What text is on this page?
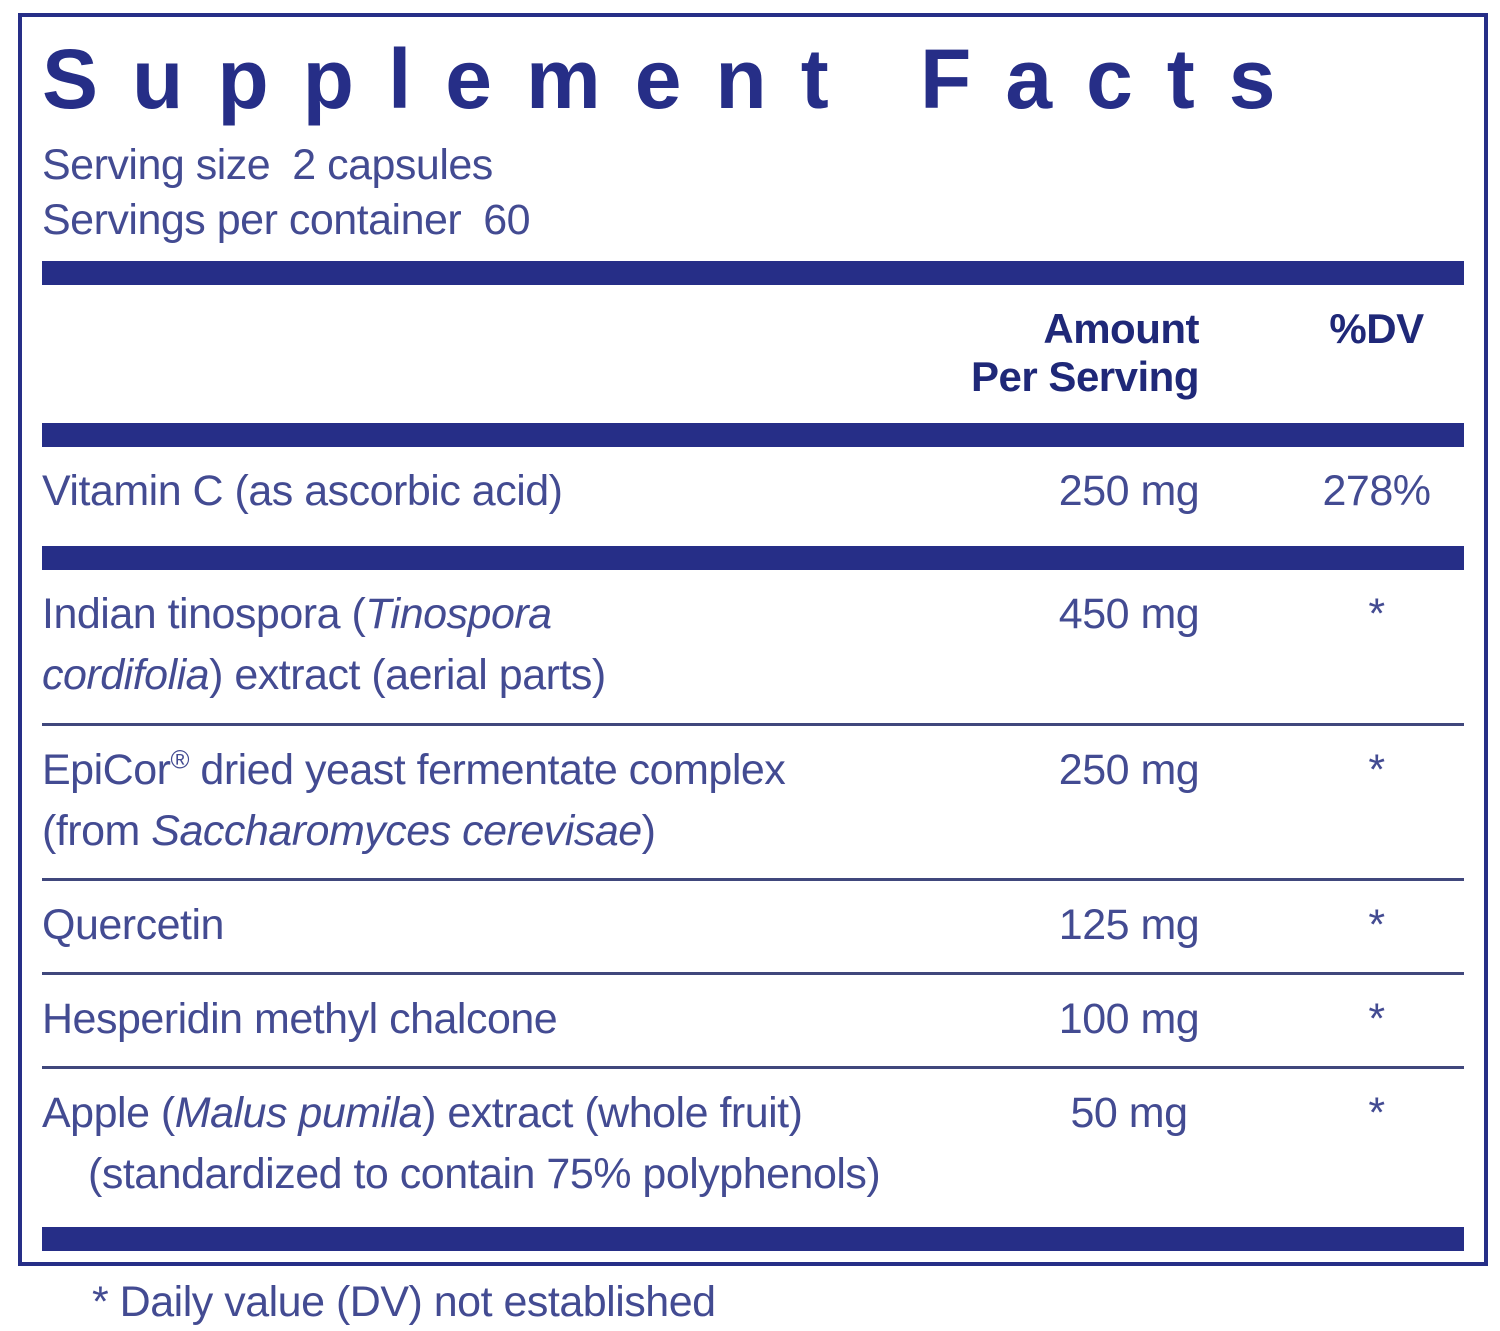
Supplement Facts
Serving size 2 capsules
Servings per container 60
Amount Per Serving
%DV
Vitamin C (as ascorbic acid)	250 mg	278%
Indian tinospora (Tinospora
cordifolia) extract (aerial parts)
450 mg	*
EpiCor® dried yeast fermentate complex
(from Saccharomyces cerevisae)
250 mg	*
Quercetin	125 mg	*
Hesperidin methyl chalcone	100 mg	*
Apple (Malus pumila) extract (whole fruit)
(standardized to contain 75% polyphenols)
50 mg	*
* Daily value (DV) not established
